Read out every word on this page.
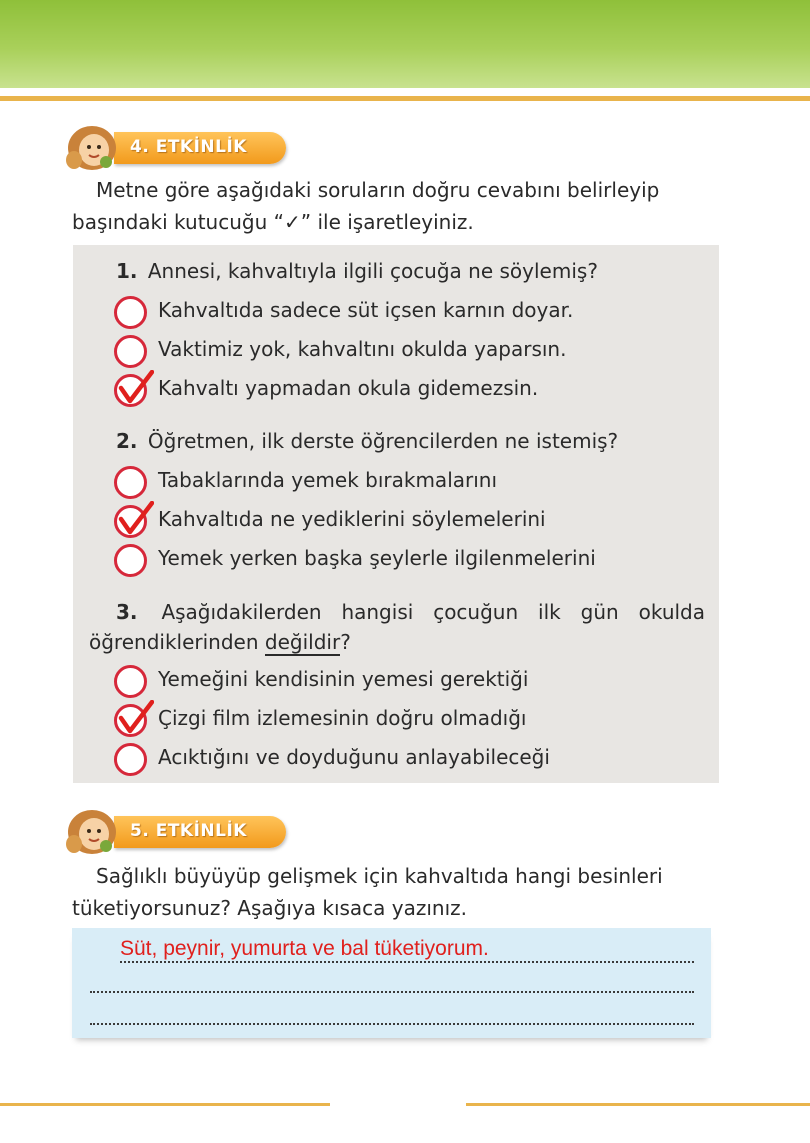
4. ETKİNLİK
Metne göre aşağıdaki soruların doğru cevabını belirleyip
başındaki kutucuğu “✓” ile işaretleyiniz.
1. Annesi, kahvaltıyla ilgili çocuğa ne söylemiş?
Kahvaltıda sadece süt içsen karnın doyar.
Vaktimiz yok, kahvaltını okulda yaparsın.
Kahvaltı yapmadan okula gidemezsin.
2. Öğretmen, ilk derste öğrencilerden ne istemiş?
Tabaklarında yemek bırakmalarını
Kahvaltıda ne yediklerini söylemelerini
Yemek yerken başka şeylerle ilgilenmelerini
3. Aşağıdakilerden hangisi çocuğun ilk gün okulda
öğrendiklerinden değildir?
Yemeğini kendisinin yemesi gerektiği
Çizgi film izlemesinin doğru olmadığı
Acıktığını ve doyduğunu anlayabileceği
5. ETKİNLİK
Sağlıklı büyüyüp gelişmek için kahvaltıda hangi besinleri
tüketiyorsunuz? Aşağıya kısaca yazınız.
Süt, peynir, yumurta ve bal tüketiyorum.
